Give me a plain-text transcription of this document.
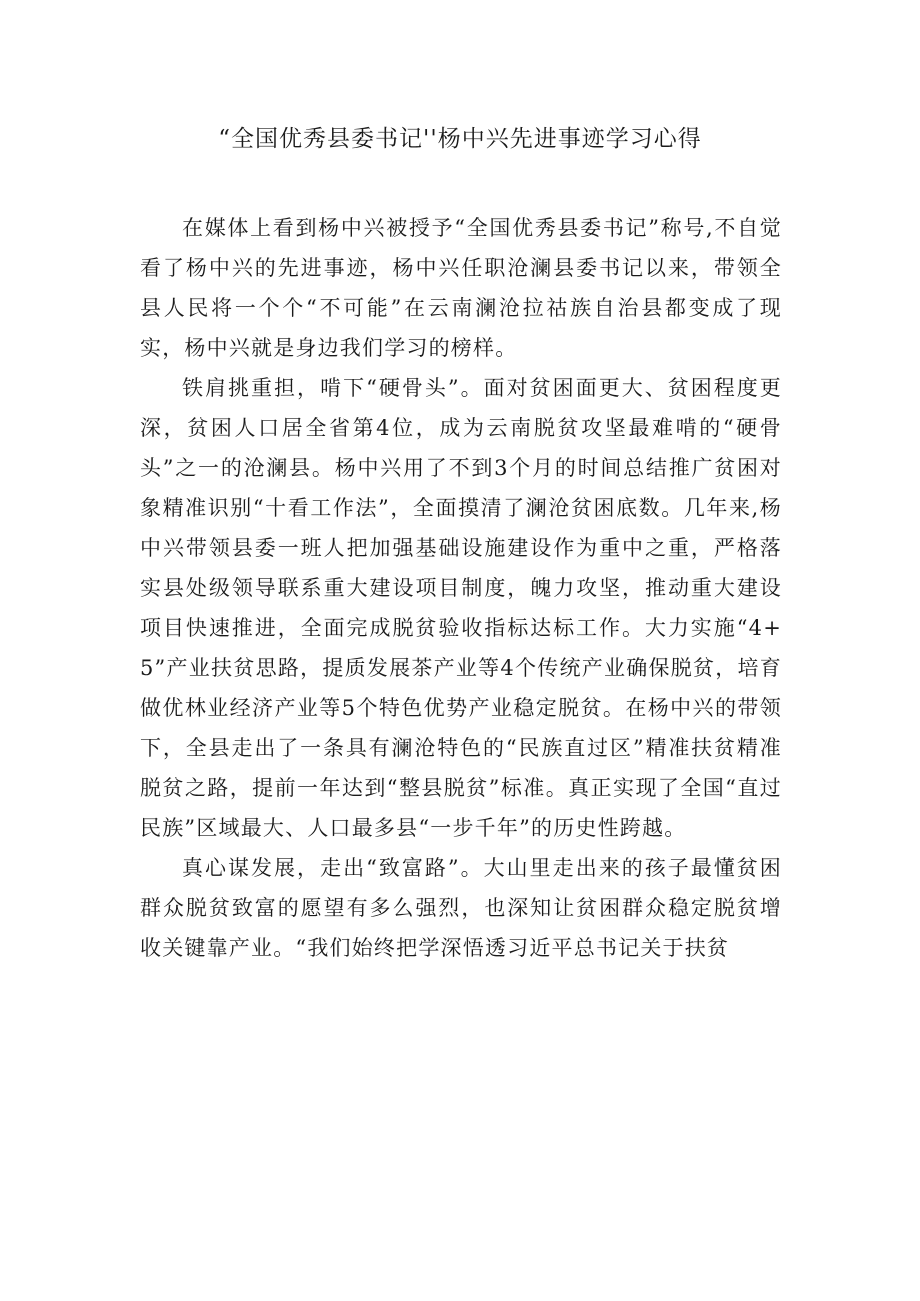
“全国优秀县委书记''杨中兴先进事迹学习心得

在媒体上看到杨中兴被授予“全国优秀县委书记”称号,不自觉看了杨中兴的先进事迹，杨中兴任职沧澜县委书记以来，带领全县人民将一个个“不可能”在云南澜沧拉祜族自治县都变成了现实，杨中兴就是身边我们学习的榜样。

铁肩挑重担，啃下“硬骨头”。面对贫困面更大、贫困程度更深，贫困人口居全省第4位，成为云南脱贫攻坚最难啃的“硬骨头”之一的沧澜县。杨中兴用了不到3个月的时间总结推广贫困对象精准识别“十看工作法”，全面摸清了澜沧贫困底数。几年来,杨中兴带领县委一班人把加强基础设施建设作为重中之重，严格落实县处级领导联系重大建设项目制度，魄力攻坚，推动重大建设项目快速推进，全面完成脱贫验收指标达标工作。大力实施“4+5”产业扶贫思路，提质发展茶产业等4个传统产业确保脱贫，培育做优林业经济产业等5个特色优势产业稳定脱贫。在杨中兴的带领下，全县走出了一条具有澜沧特色的“民族直过区”精准扶贫精准脱贫之路，提前一年达到“整县脱贫”标准。真正实现了全国“直过民族”区域最大、人口最多县“一步千年”的历史性跨越。

真心谋发展，走出“致富路”。大山里走出来的孩子最懂贫困群众脱贫致富的愿望有多么强烈，也深知让贫困群众稳定脱贫增收关键靠产业。“我们始终把学深悟透习近平总书记关于扶贫
